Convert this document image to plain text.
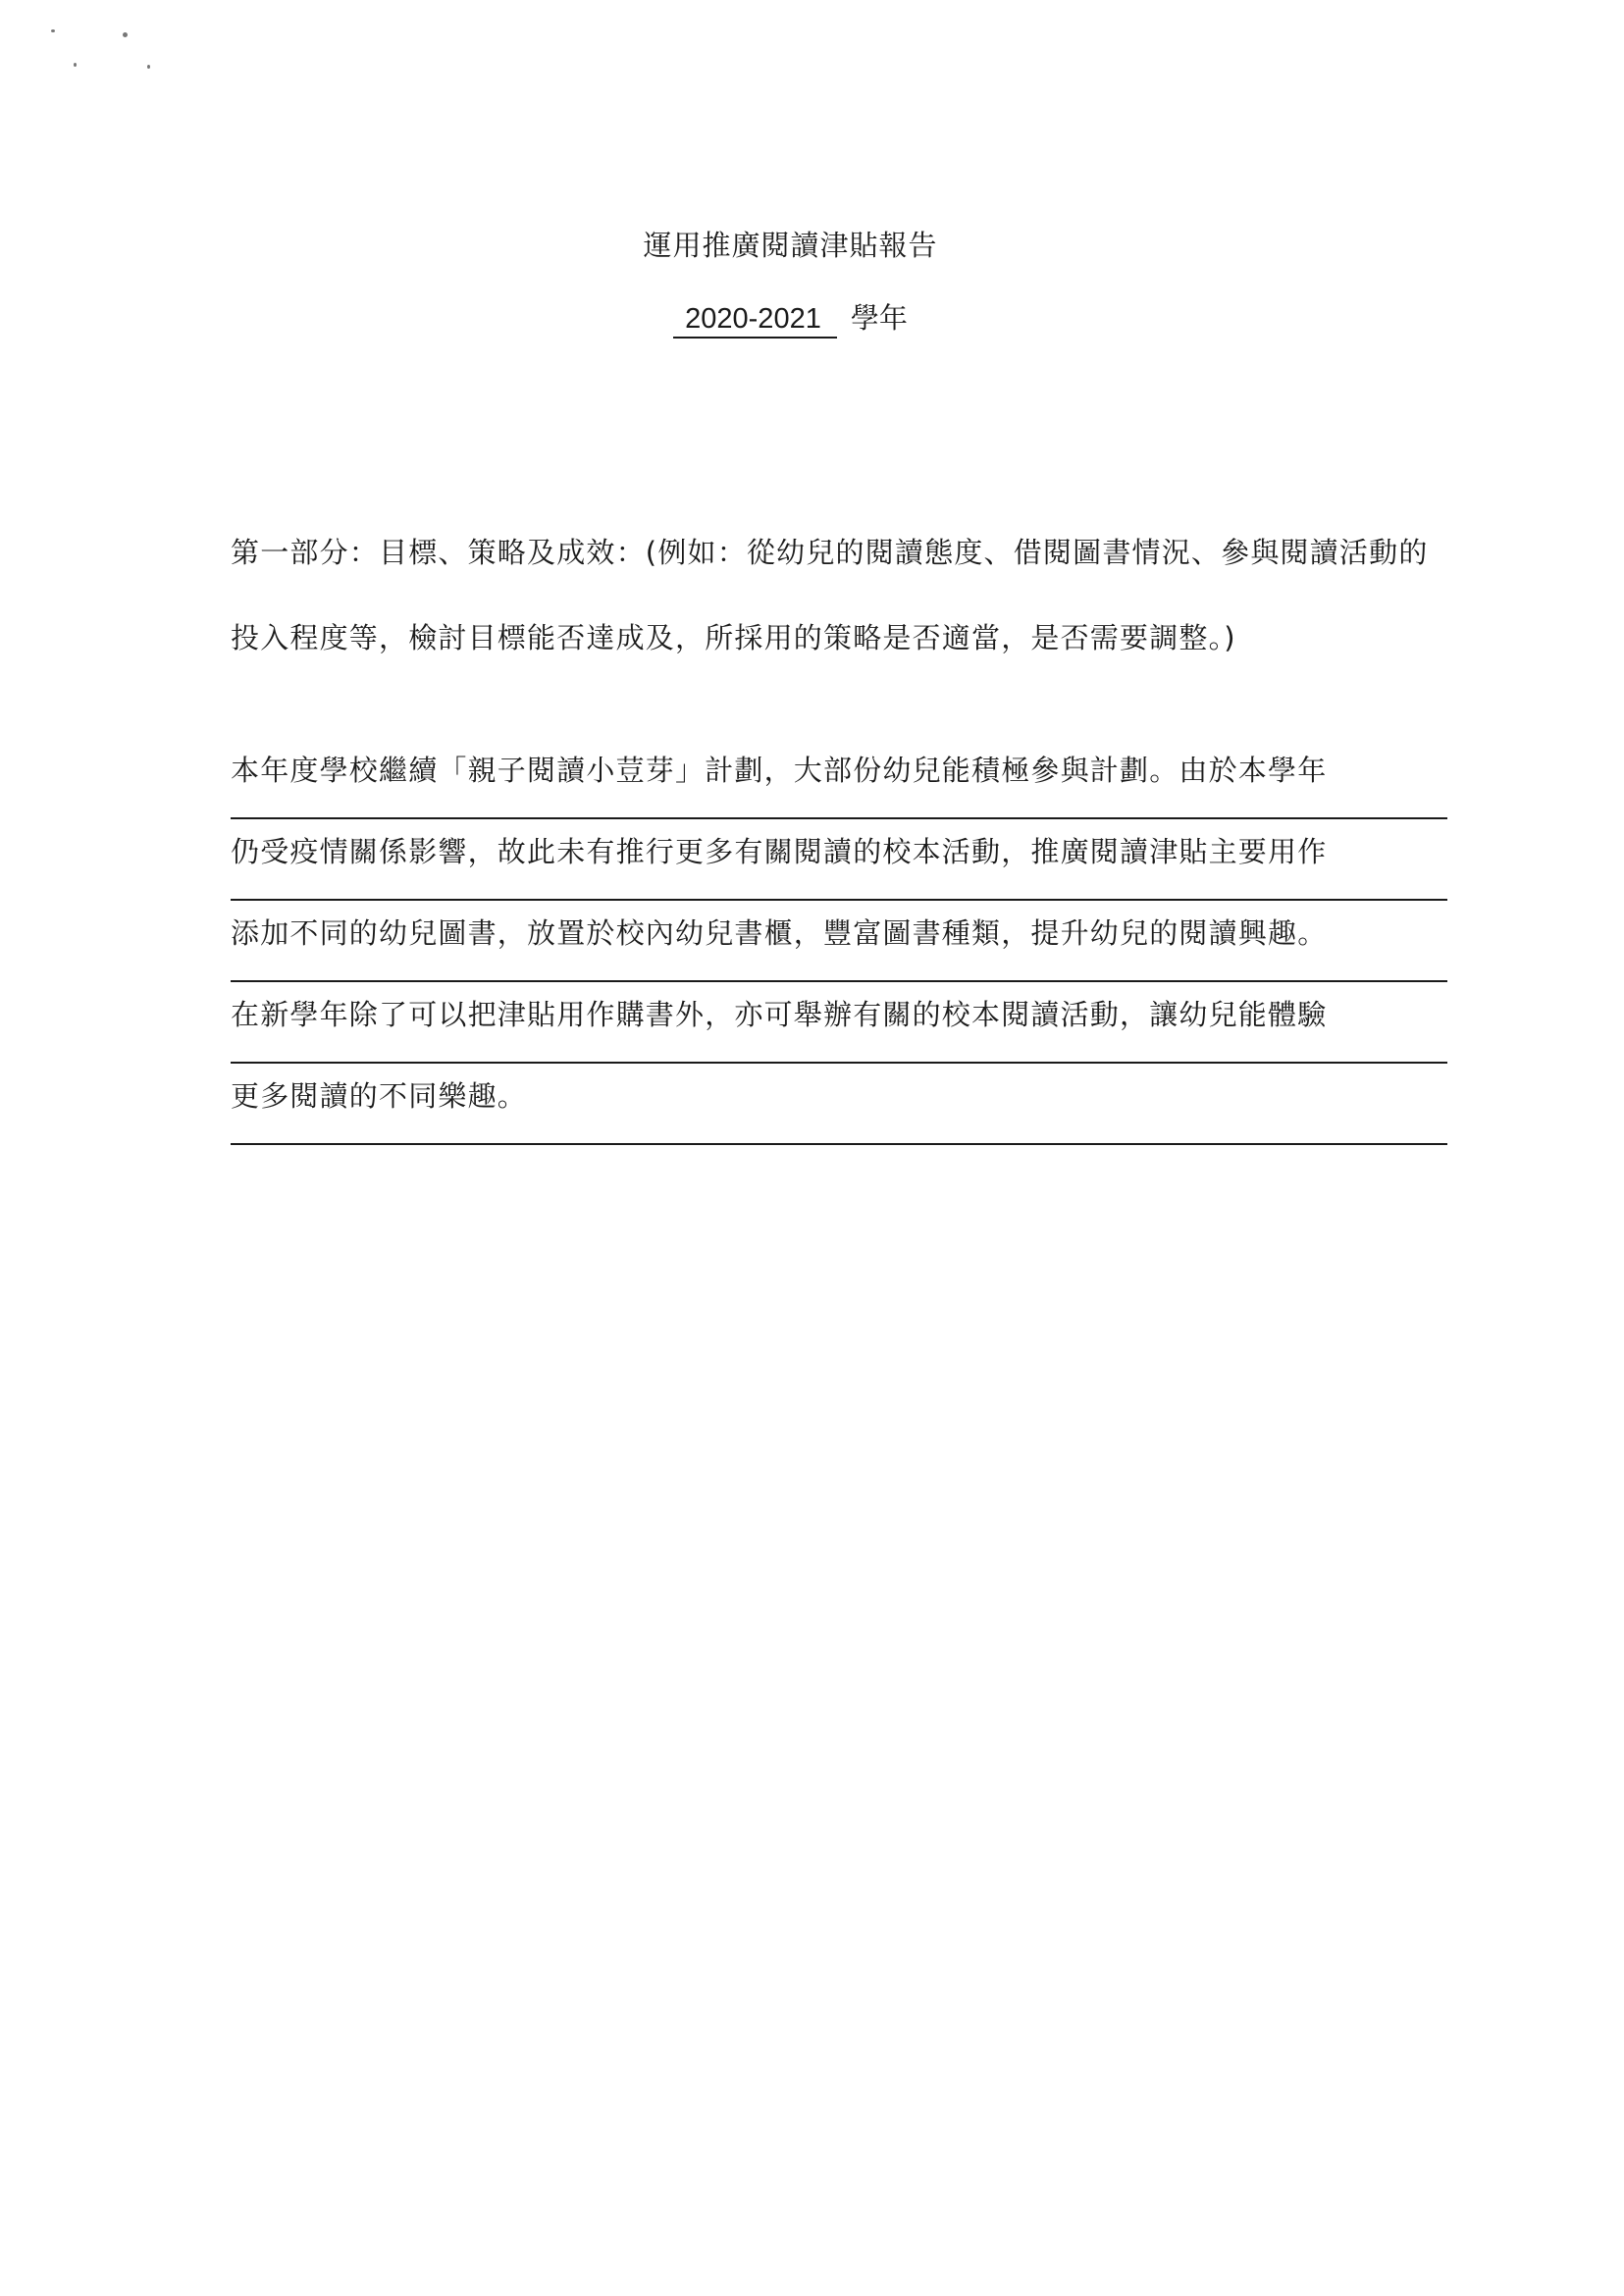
運用推廣閱讀津貼報告
2020-2021 學年
第一部分：目標、策略及成效：(例如：從幼兒的閱讀態度、借閱圖書情況、參與閱讀活動的投入程度等，檢討目標能否達成及，所採用的策略是否適當，是否需要調整。)
本年度學校繼續「親子閱讀小荳芽」計劃，大部份幼兒能積極參與計劃。由於本學年
仍受疫情關係影響，故此未有推行更多有關閱讀的校本活動，推廣閱讀津貼主要用作
添加不同的幼兒圖書，放置於校內幼兒書櫃，豐富圖書種類，提升幼兒的閱讀興趣。
在新學年除了可以把津貼用作購書外，亦可舉辦有關的校本閱讀活動，讓幼兒能體驗
更多閱讀的不同樂趣。
